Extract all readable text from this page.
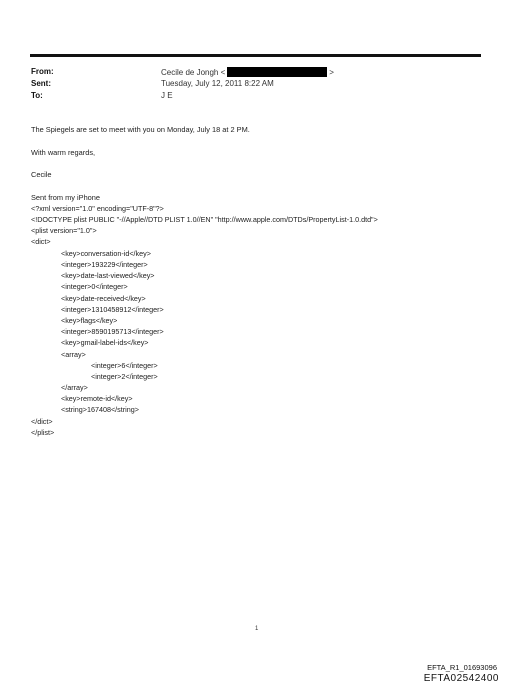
From:	Cecile de Jongh <	>
Sent:	Tuesday, July 12, 2011 8:22 AM
To:	J E
The Spiegels are set to meet with you on Monday, July 18 at 2 PM.
With warm regards,
Cecile
Sent from my iPhone
<?xml version="1.0" encoding="UTF-8"?>
<!DOCTYPE plist PUBLIC "-//Apple//DTD PLIST 1.0//EN" "http://www.apple.com/DTDs/PropertyList-1.0.dtd">
<plist version="1.0">
<dict>
<key>conversation-id</key>
<integer>193229</integer>
<key>date-last-viewed</key>
<integer>0</integer>
<key>date-received</key>
<integer>1310458912</integer>
<key>flags</key>
<integer>8590195713</integer>
<key>gmail-label-ids</key>
<array>
<integer>6</integer>
<integer>2</integer>
</array>
<key>remote-id</key>
<string>167408</string>
</dict>
</plist>
1
EFTA_R1_01693096
EFTA02542400
